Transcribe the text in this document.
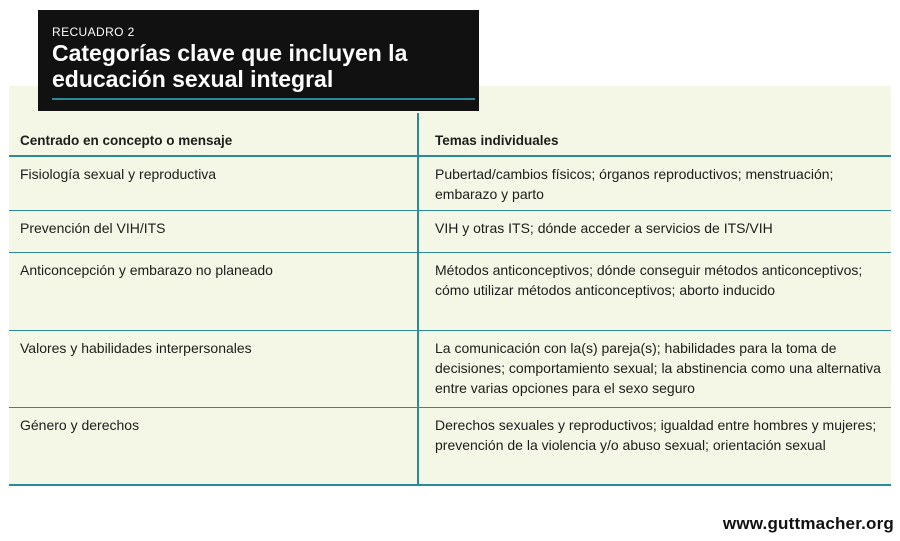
RECUADRO 2
Categorías clave que incluyen la
educación sexual integral
Centrado en concepto o mensaje	Temas individuales
Fisiología sexual y reproductiva	Pubertad/cambios físicos; órganos reproductivos; menstruación; embarazo y parto
Prevención del VIH/ITS	VIH y otras ITS; dónde acceder a servicios de ITS/VIH
Anticoncepción y embarazo no planeado	Métodos anticonceptivos; dónde conseguir métodos anticonceptivos; cómo utilizar métodos anticonceptivos; aborto inducido
Valores y habilidades interpersonales	La comunicación con la(s) pareja(s); habilidades para la toma de decisiones; comportamiento sexual; la abstinencia como una alternativa entre varias opciones para el sexo seguro
Género y derechos	Derechos sexuales y reproductivos; igualdad entre hombres y mujeres; prevención de la violencia y/o abuso sexual; orientación sexual
www.guttmacher.org
